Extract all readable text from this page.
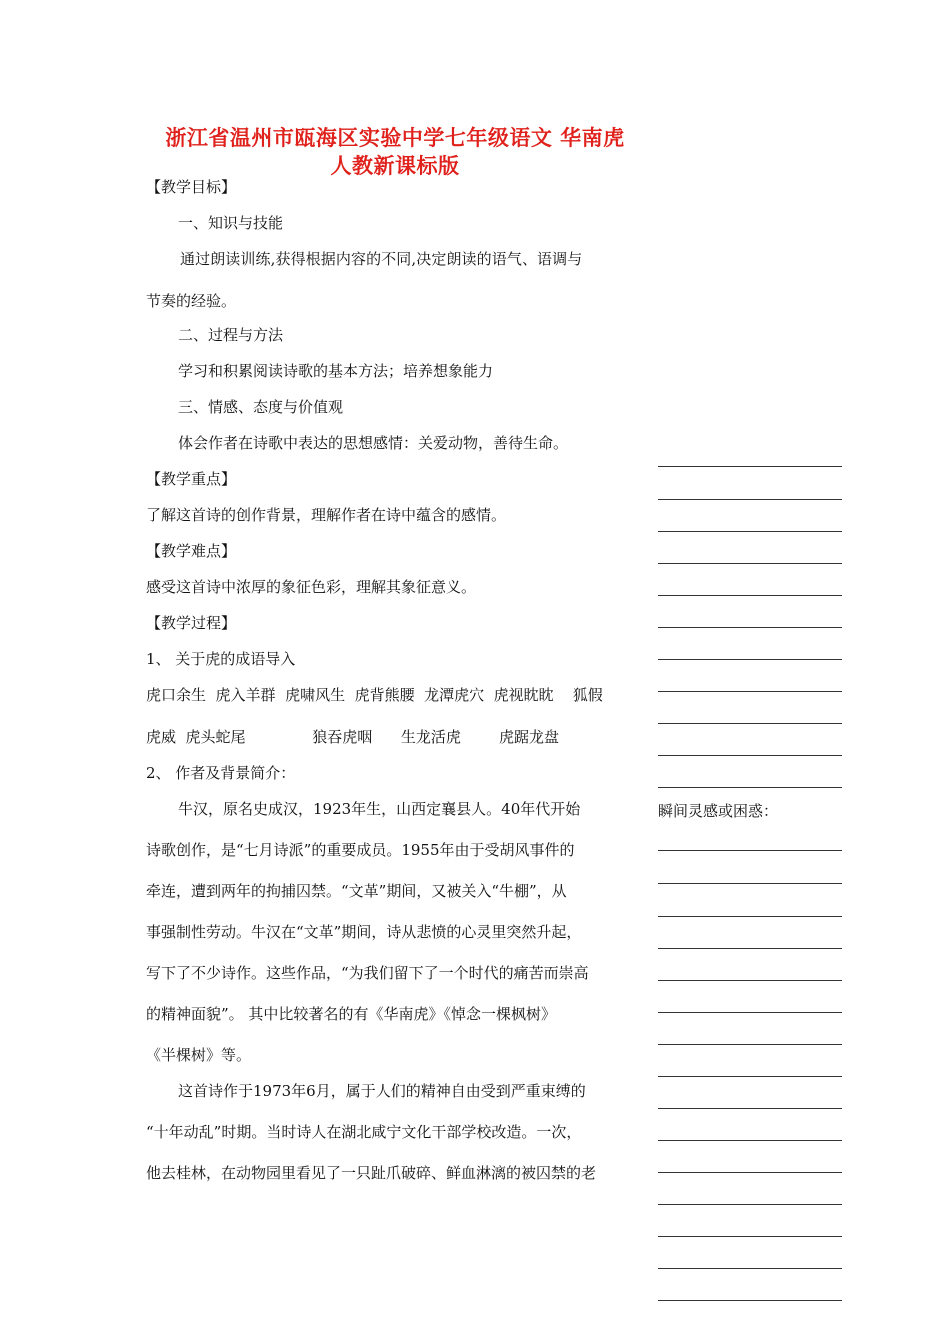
浙江省温州市瓯海区实验中学七年级语文 华南虎
人教新课标版
【教学目标】
一、知识与技能
通过朗读训练,获得根据内容的不同,决定朗读的语气、语调与
节奏的经验。
二、过程与方法
学习和积累阅读诗歌的基本方法；培养想象能力
三、情感、态度与价值观
体会作者在诗歌中表达的思想感情：关爱动物，善待生命。
【教学重点】
了解这首诗的创作背景，理解作者在诗中蕴含的感情。
【教学难点】
感受这首诗中浓厚的象征色彩，理解其象征意义。
【教学过程】
1、 关于虎的成语导入
虎口余生  虎入羊群  虎啸风生  虎背熊腰  龙潭虎穴  虎视眈眈    狐假
虎威  虎头蛇尾              狼吞虎咽      生龙活虎        虎踞龙盘
2、 作者及背景简介：
牛汉，原名史成汉，1923年生，山西定襄县人。40年代开始
诗歌创作，是“七月诗派”的重要成员。1955年由于受胡风事件的
牵连，遭到两年的拘捕囚禁。“文革”期间，又被关入“牛棚”，从
事强制性劳动。牛汉在“文革”期间，诗从悲愤的心灵里突然升起，
写下了不少诗作。这些作品，“为我们留下了一个时代的痛苦而崇高
的精神面貌”。 其中比较著名的有《华南虎》《悼念一棵枫树》
《半棵树》等。
这首诗作于1973年6月，属于人们的精神自由受到严重束缚的
“十年动乱”时期。当时诗人在湖北咸宁文化干部学校改造。一次，
他去桂林，在动物园里看见了一只趾爪破碎、鲜血淋漓的被囚禁的老
瞬间灵感或困惑：
